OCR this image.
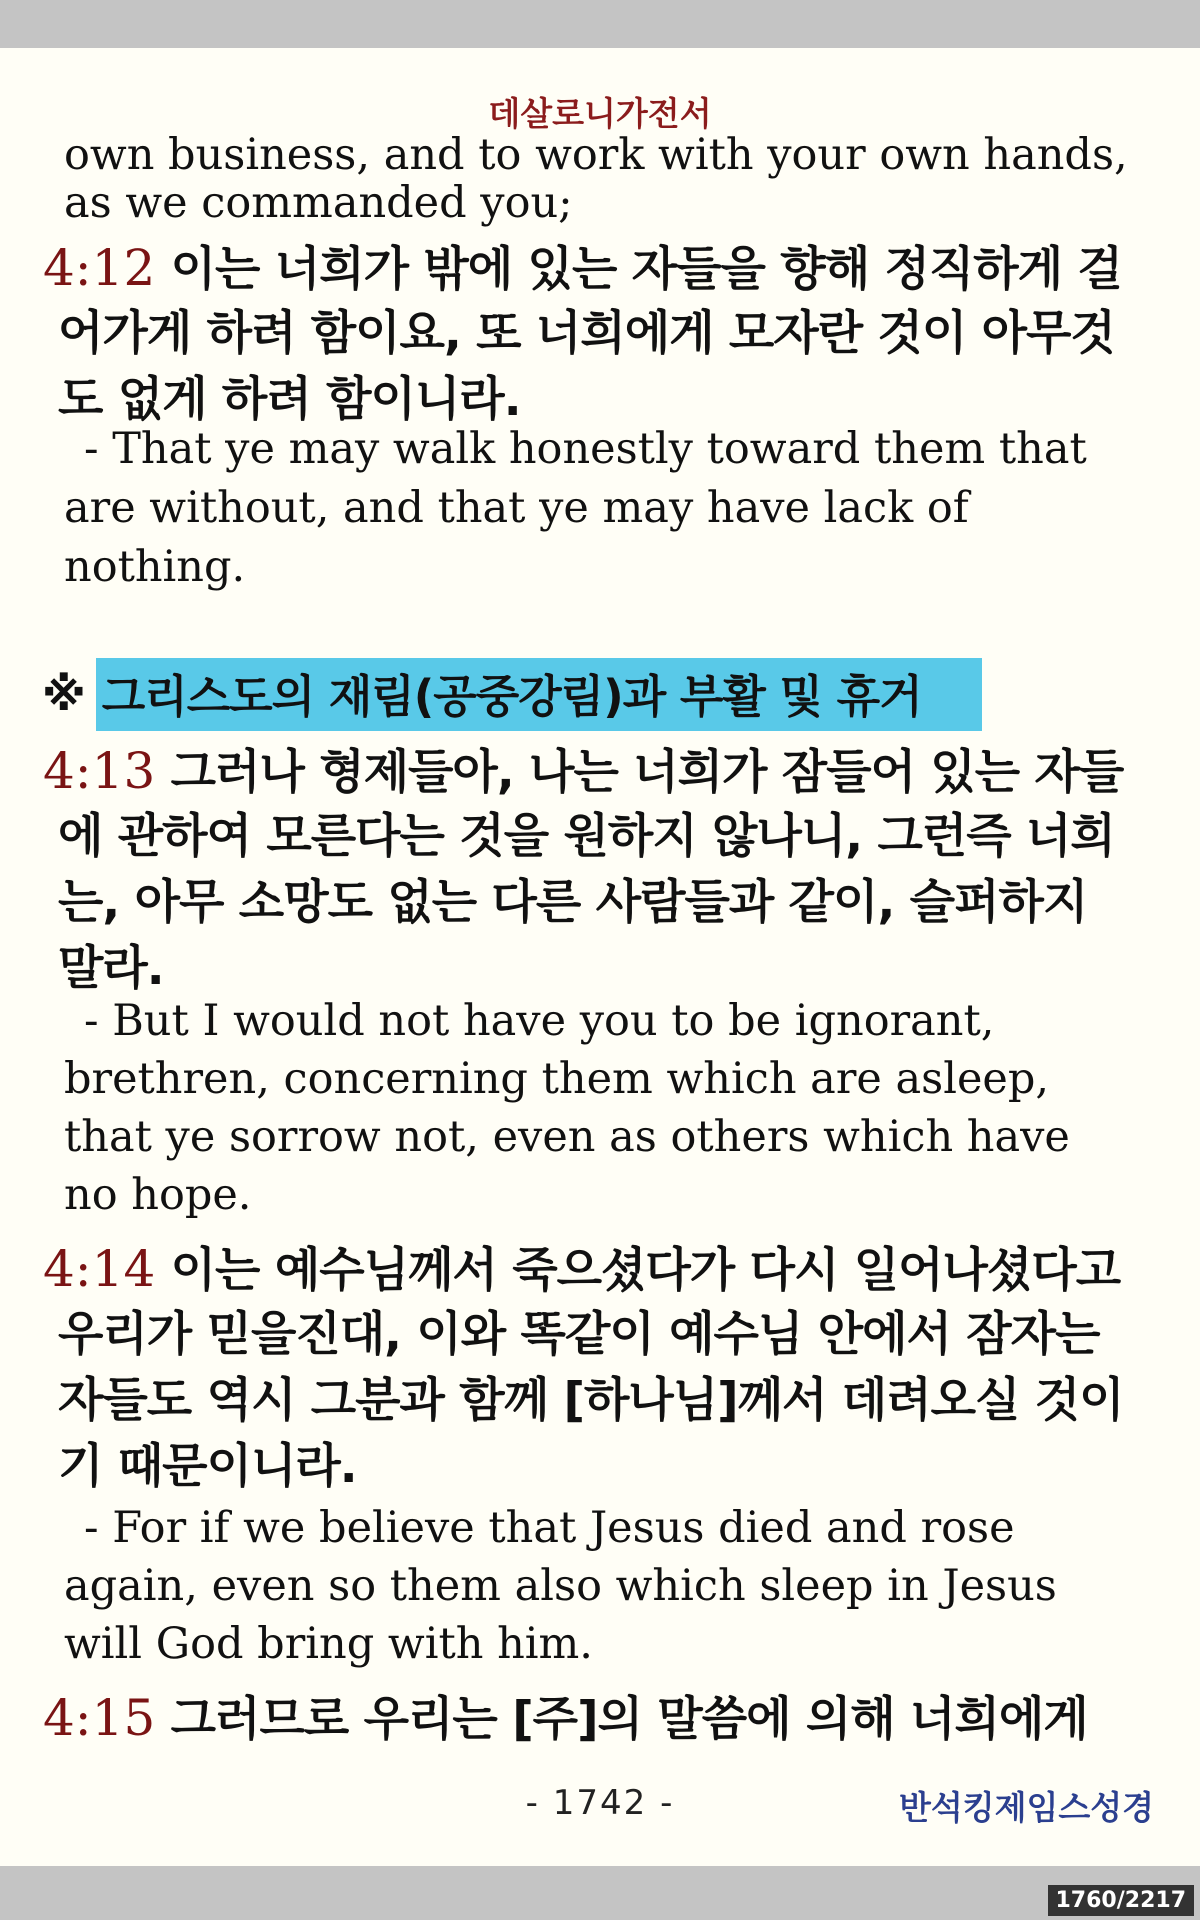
데살로니가전서
own business, and to work with your own hands,
as we commanded you;
4:12 이는 너희가 밖에 있는 자들을 향해 정직하게 걸
어가게 하려 함이요, 또 너희에게 모자란 것이 아무것
도 없게 하려 함이니라.
- That ye may walk honestly toward them that
are without, and that ye may have lack of
nothing.
※ 그리스도의 재림(공중강림)과 부활 및 휴거
4:13 그러나 형제들아, 나는 너희가 잠들어 있는 자들
에 관하여 모른다는 것을 원하지 않나니, 그런즉 너희
는, 아무 소망도 없는 다른 사람들과 같이, 슬퍼하지
말라.
- But I would not have you to be ignorant,
brethren, concerning them which are asleep,
that ye sorrow not, even as others which have
no hope.
4:14 이는 예수님께서 죽으셨다가 다시 일어나셨다고
우리가 믿을진대, 이와 똑같이 예수님 안에서 잠자는
자들도 역시 그분과 함께 [하나님]께서 데려오실 것이
기 때문이니라.
- For if we believe that Jesus died and rose
again, even so them also which sleep in Jesus
will God bring with him.
4:15 그러므로 우리는 [주]의 말씀에 의해 너희에게
- 1742 -	반석킹제임스성경
1760/2217
